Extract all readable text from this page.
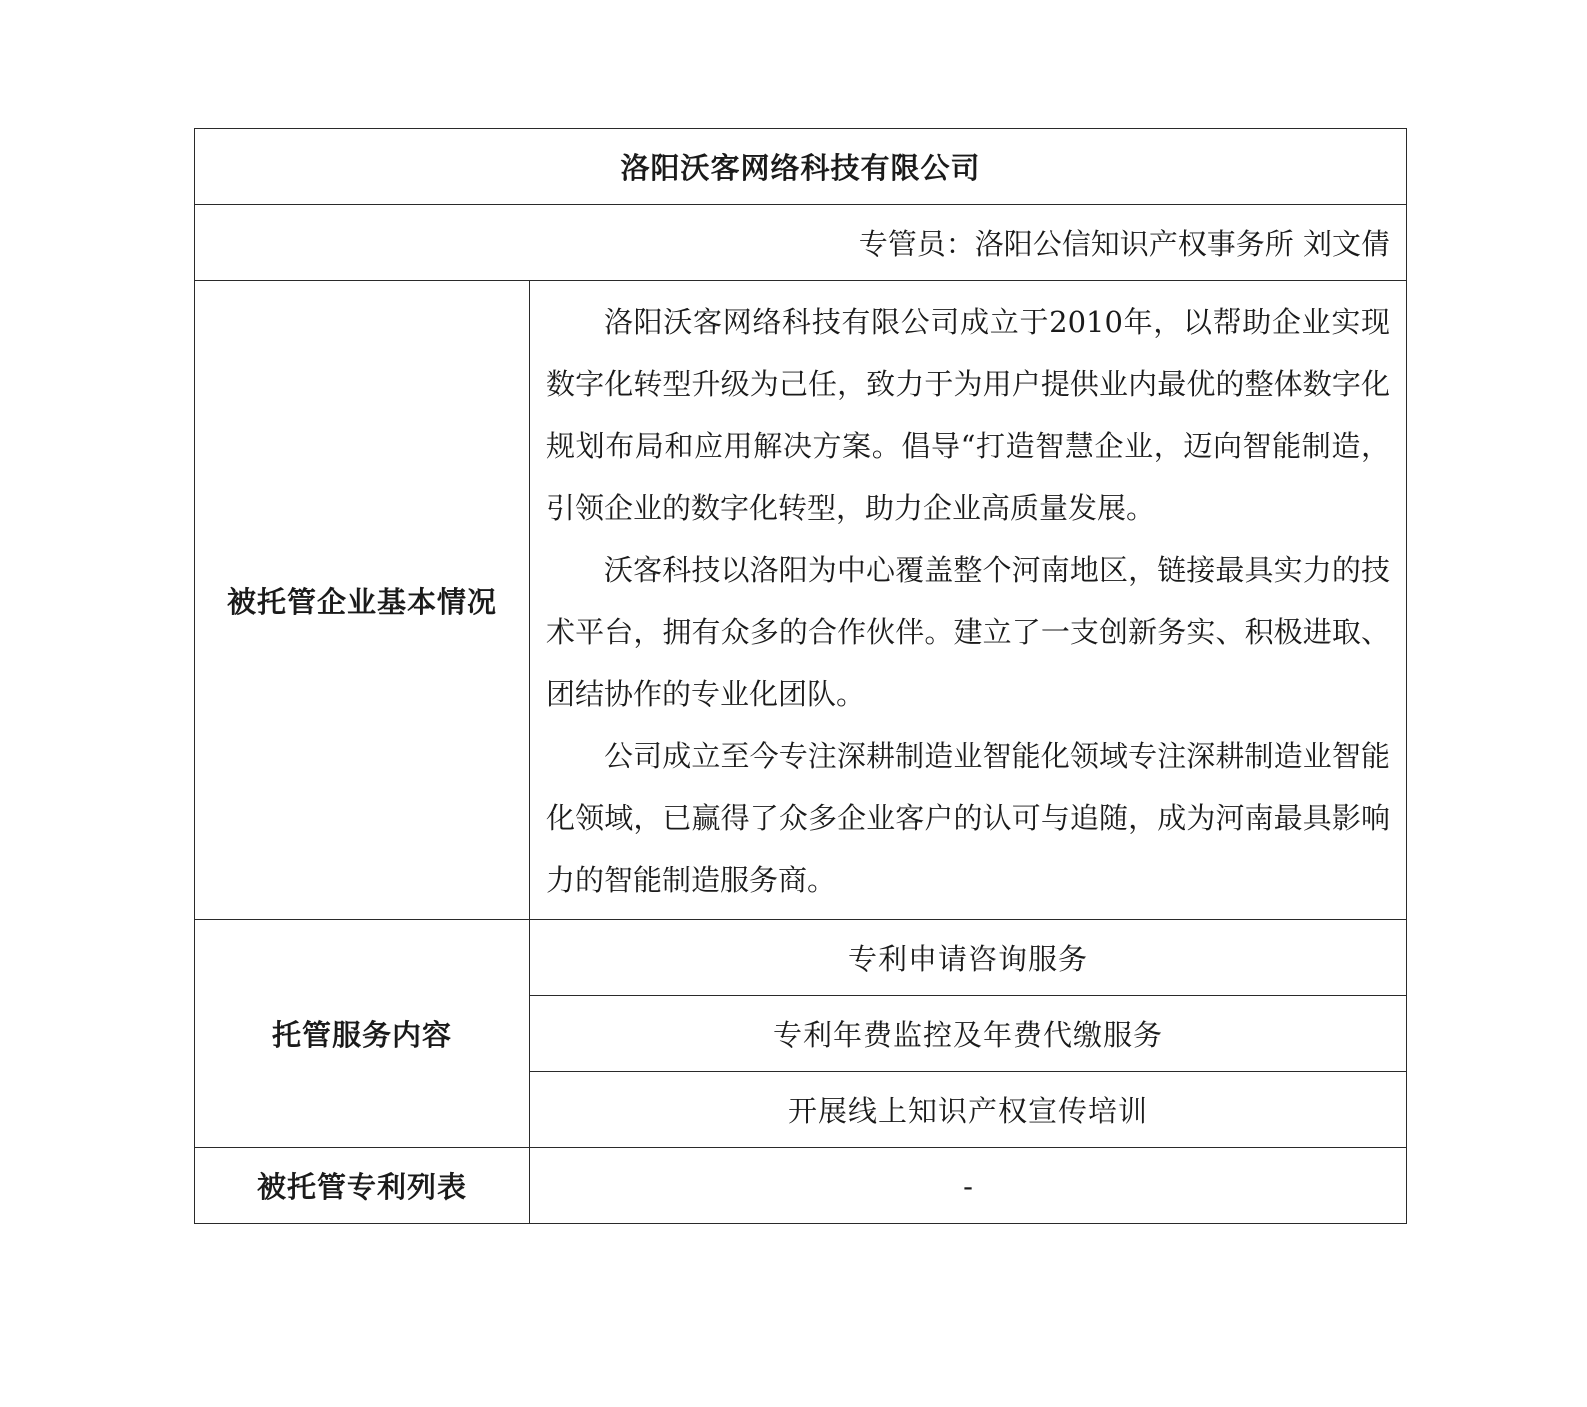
洛阳沃客网络科技有限公司	
专管员：洛阳公信知识产权事务所 刘文倩	
被托管企业基本情况	洛阳沃客网络科技有限公司成立于2010年，以帮助企业实现数字化转型升级为己任，致力于为用户提供业内最优的整体数字化规划布局和应用解决方案。倡导“打造智慧企业，迈向智能制造，引领企业的数字化转型，助力企业高质量发展。

沃客科技以洛阳为中心覆盖整个河南地区，链接最具实力的技术平台，拥有众多的合作伙伴。建立了一支创新务实、积极进取、团结协作的专业化团队。

公司成立至今专注深耕制造业智能化领域专注深耕制造业智能化领域，已赢得了众多企业客户的认可与追随，成为河南最具影响力的智能制造服务商。

托管服务内容	专利申请咨询服务
	专利年费监控及年费代缴服务
	开展线上知识产权宣传培训
被托管专利列表	-
